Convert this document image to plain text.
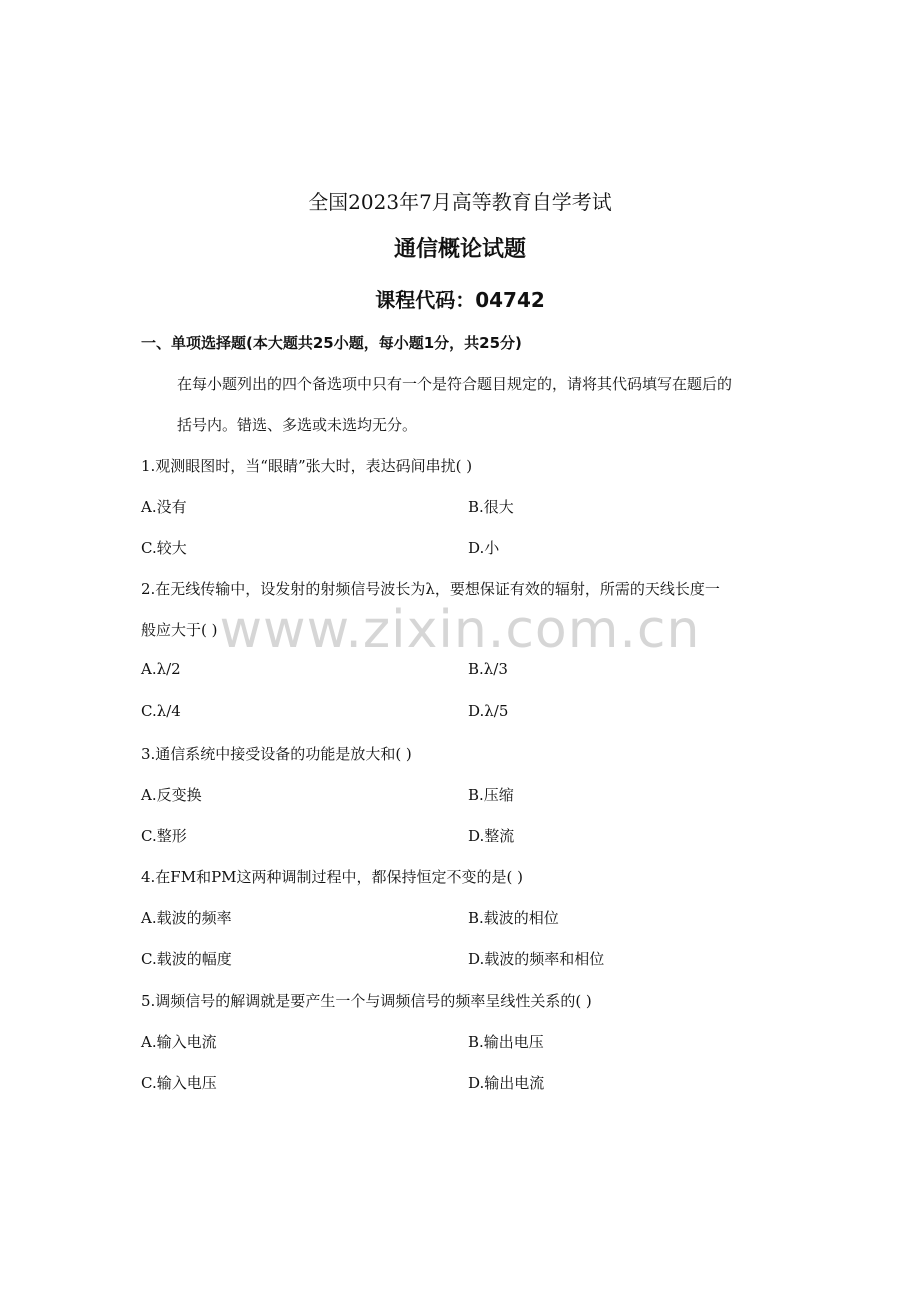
全国2023年7月高等教育自学考试
通信概论试题
课程代码：04742
一、单项选择题(本大题共25小题，每小题1分，共25分)
在每小题列出的四个备选项中只有一个是符合题目规定的，请将其代码填写在题后的
括号内。错选、多选或未选均无分。
1.观测眼图时，当“眼睛”张大时，表达码间串扰( )
A.没有	B.很大
C.较大	D.小
2.在无线传输中，设发射的射频信号波长为λ，要想保证有效的辐射，所需的天线长度一
般应大于( )
A.λ/2	B.λ/3
C.λ/4	D.λ/5
3.通信系统中接受设备的功能是放大和( )
A.反变换	B.压缩
C.整形	D.整流
4.在FM和PM这两种调制过程中，都保持恒定不变的是( )
A.载波的频率	B.载波的相位
C.载波的幅度	D.载波的频率和相位
5.调频信号的解调就是要产生一个与调频信号的频率呈线性关系的( )
A.输入电流	B.输出电压
C.输入电压	D.输出电流
www.zixin.com.cn
